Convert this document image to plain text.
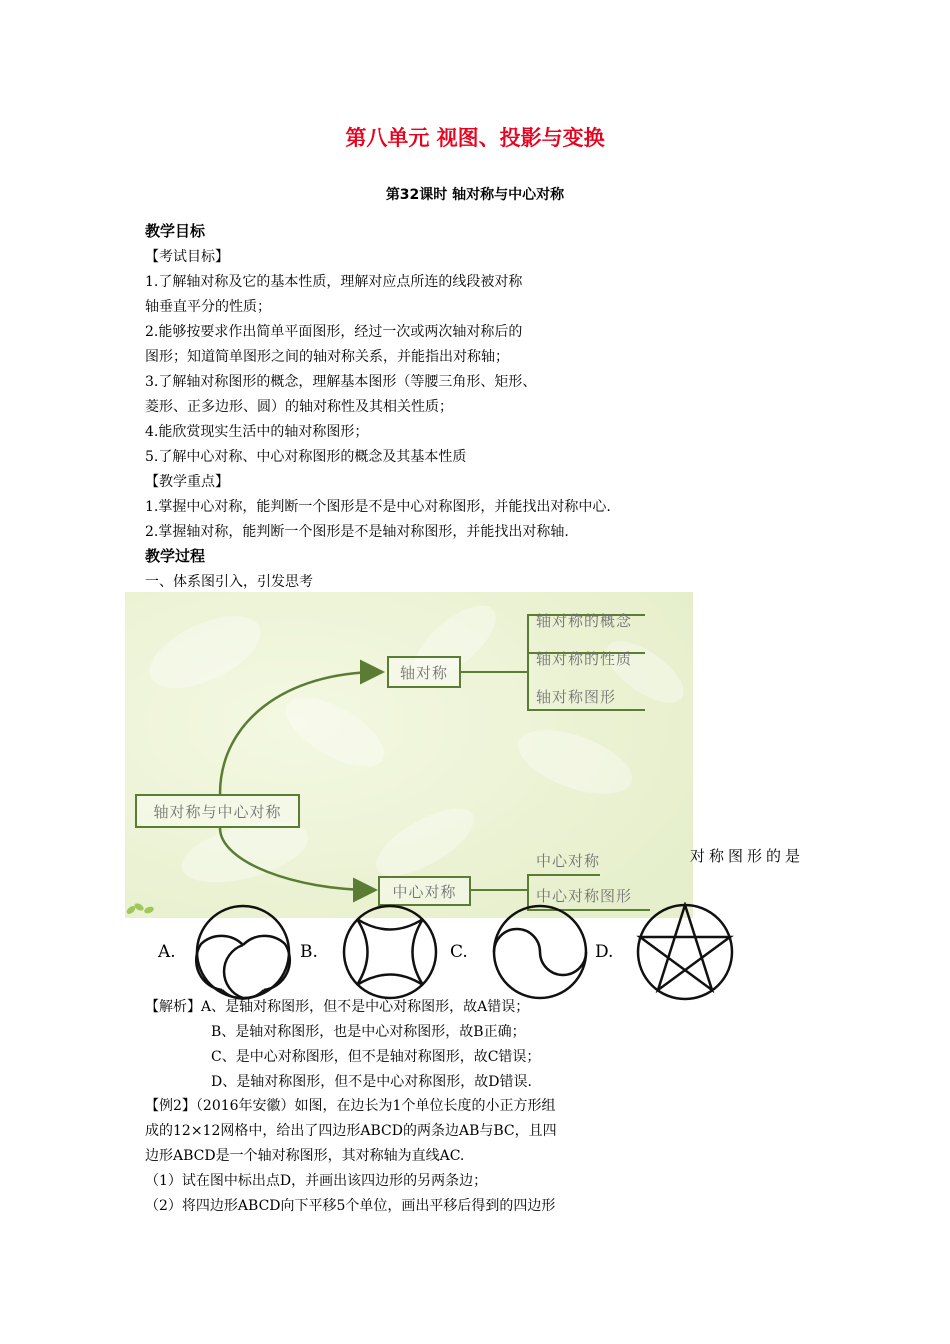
第八单元 视图、投影与变换
第32课时 轴对称与中心对称
教学目标
【考试目标】
1.了解轴对称及它的基本性质，理解对应点所连的线段被对称
轴垂直平分的性质；
2.能够按要求作出简单平面图形，经过一次或两次轴对称后的
图形；知道简单图形之间的轴对称关系，并能指出对称轴；
3.了解轴对称图形的概念，理解基本图形（等腰三角形、矩形、
菱形、正多边形、圆）的轴对称性及其相关性质；
4.能欣赏现实生活中的轴对称图形；
5.了解中心对称、中心对称图形的概念及其基本性质
【教学重点】
1.掌握中心对称，能判断一个图形是不是中心对称图形，并能找出对称中心.
2.掌握轴对称，能判断一个图形是不是轴对称图形，并能找出对称轴.
教学过程
一、体系图引入，引发思考
轴对称与中心对称
轴对称
轴对称的概念
轴对称的性质
轴对称图形
中心对称
中心对称
中心对称图形
对称图形的是
A.	B.	C.	D.
【解析】A、是轴对称图形，但不是中心对称图形，故A错误；
B、是轴对称图形，也是中心对称图形，故B正确；
C、是中心对称图形，但不是轴对称图形，故C错误；
D、是轴对称图形，但不是中心对称图形，故D错误.
【例2】（2016年安徽）如图，在边长为1个单位长度的小正方形组
成的12×12网格中，给出了四边形ABCD的两条边AB与BC，且四
边形ABCD是一个轴对称图形，其对称轴为直线AC.
（1）试在图中标出点D，并画出该四边形的另两条边；
（2）将四边形ABCD向下平移5个单位，画出平移后得到的四边形
